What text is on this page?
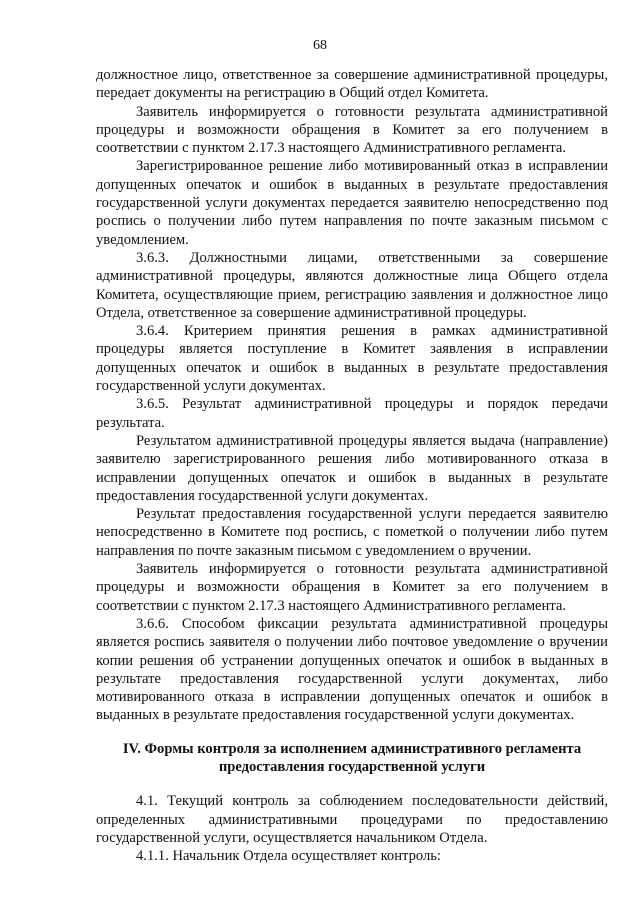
68

должностное лицо, ответственное за совершение административной процедуры, передает документы на регистрацию в Общий отдел Комитета.

Заявитель информируется о готовности результата административной процедуры и возможности обращения в Комитет за его получением в соответствии с пунктом 2.17.3 настоящего Административного регламента.

Зарегистрированное решение либо мотивированный отказ в исправлении допущенных опечаток и ошибок в выданных в результате предоставления государственной услуги документах передается заявителю непосредственно под роспись о получении либо путем направления по почте заказным письмом с уведомлением.

3.6.3. Должностными лицами, ответственными за совершение административной процедуры, являются должностные лица Общего отдела Комитета, осуществляющие прием, регистрацию заявления и должностное лицо Отдела, ответственное за совершение административной процедуры.

3.6.4. Критерием принятия решения в рамках административной процедуры является поступление в Комитет заявления в исправлении допущенных опечаток и ошибок в выданных в результате предоставления государственной услуги документах.

3.6.5. Результат административной процедуры и порядок передачи результата.

Результатом административной процедуры является выдача (направление) заявителю зарегистрированного решения либо мотивированного отказа в исправлении допущенных опечаток и ошибок в выданных в результате предоставления государственной услуги документах.

Результат предоставления государственной услуги передается заявителю непосредственно в Комитете под роспись, с пометкой о получении либо путем направления по почте заказным письмом с уведомлением о вручении.

Заявитель информируется о готовности результата административной процедуры и возможности обращения в Комитет за его получением в соответствии с пунктом 2.17.3 настоящего Административного регламента.

3.6.6. Способом фиксации результата административной процедуры является роспись заявителя о получении либо почтовое уведомление о вручении копии решения об устранении допущенных опечаток и ошибок в выданных в результате предоставления государственной услуги документах, либо мотивированного отказа в исправлении допущенных опечаток и ошибок в выданных в результате предоставления государственной услуги документах.

IV. Формы контроля за исполнением административного регламента
предоставления государственной услуги

4.1. Текущий контроль за соблюдением последовательности действий, определенных административными процедурами по предоставлению государственной услуги, осуществляется начальником Отдела.

4.1.1. Начальник Отдела осуществляет контроль:
